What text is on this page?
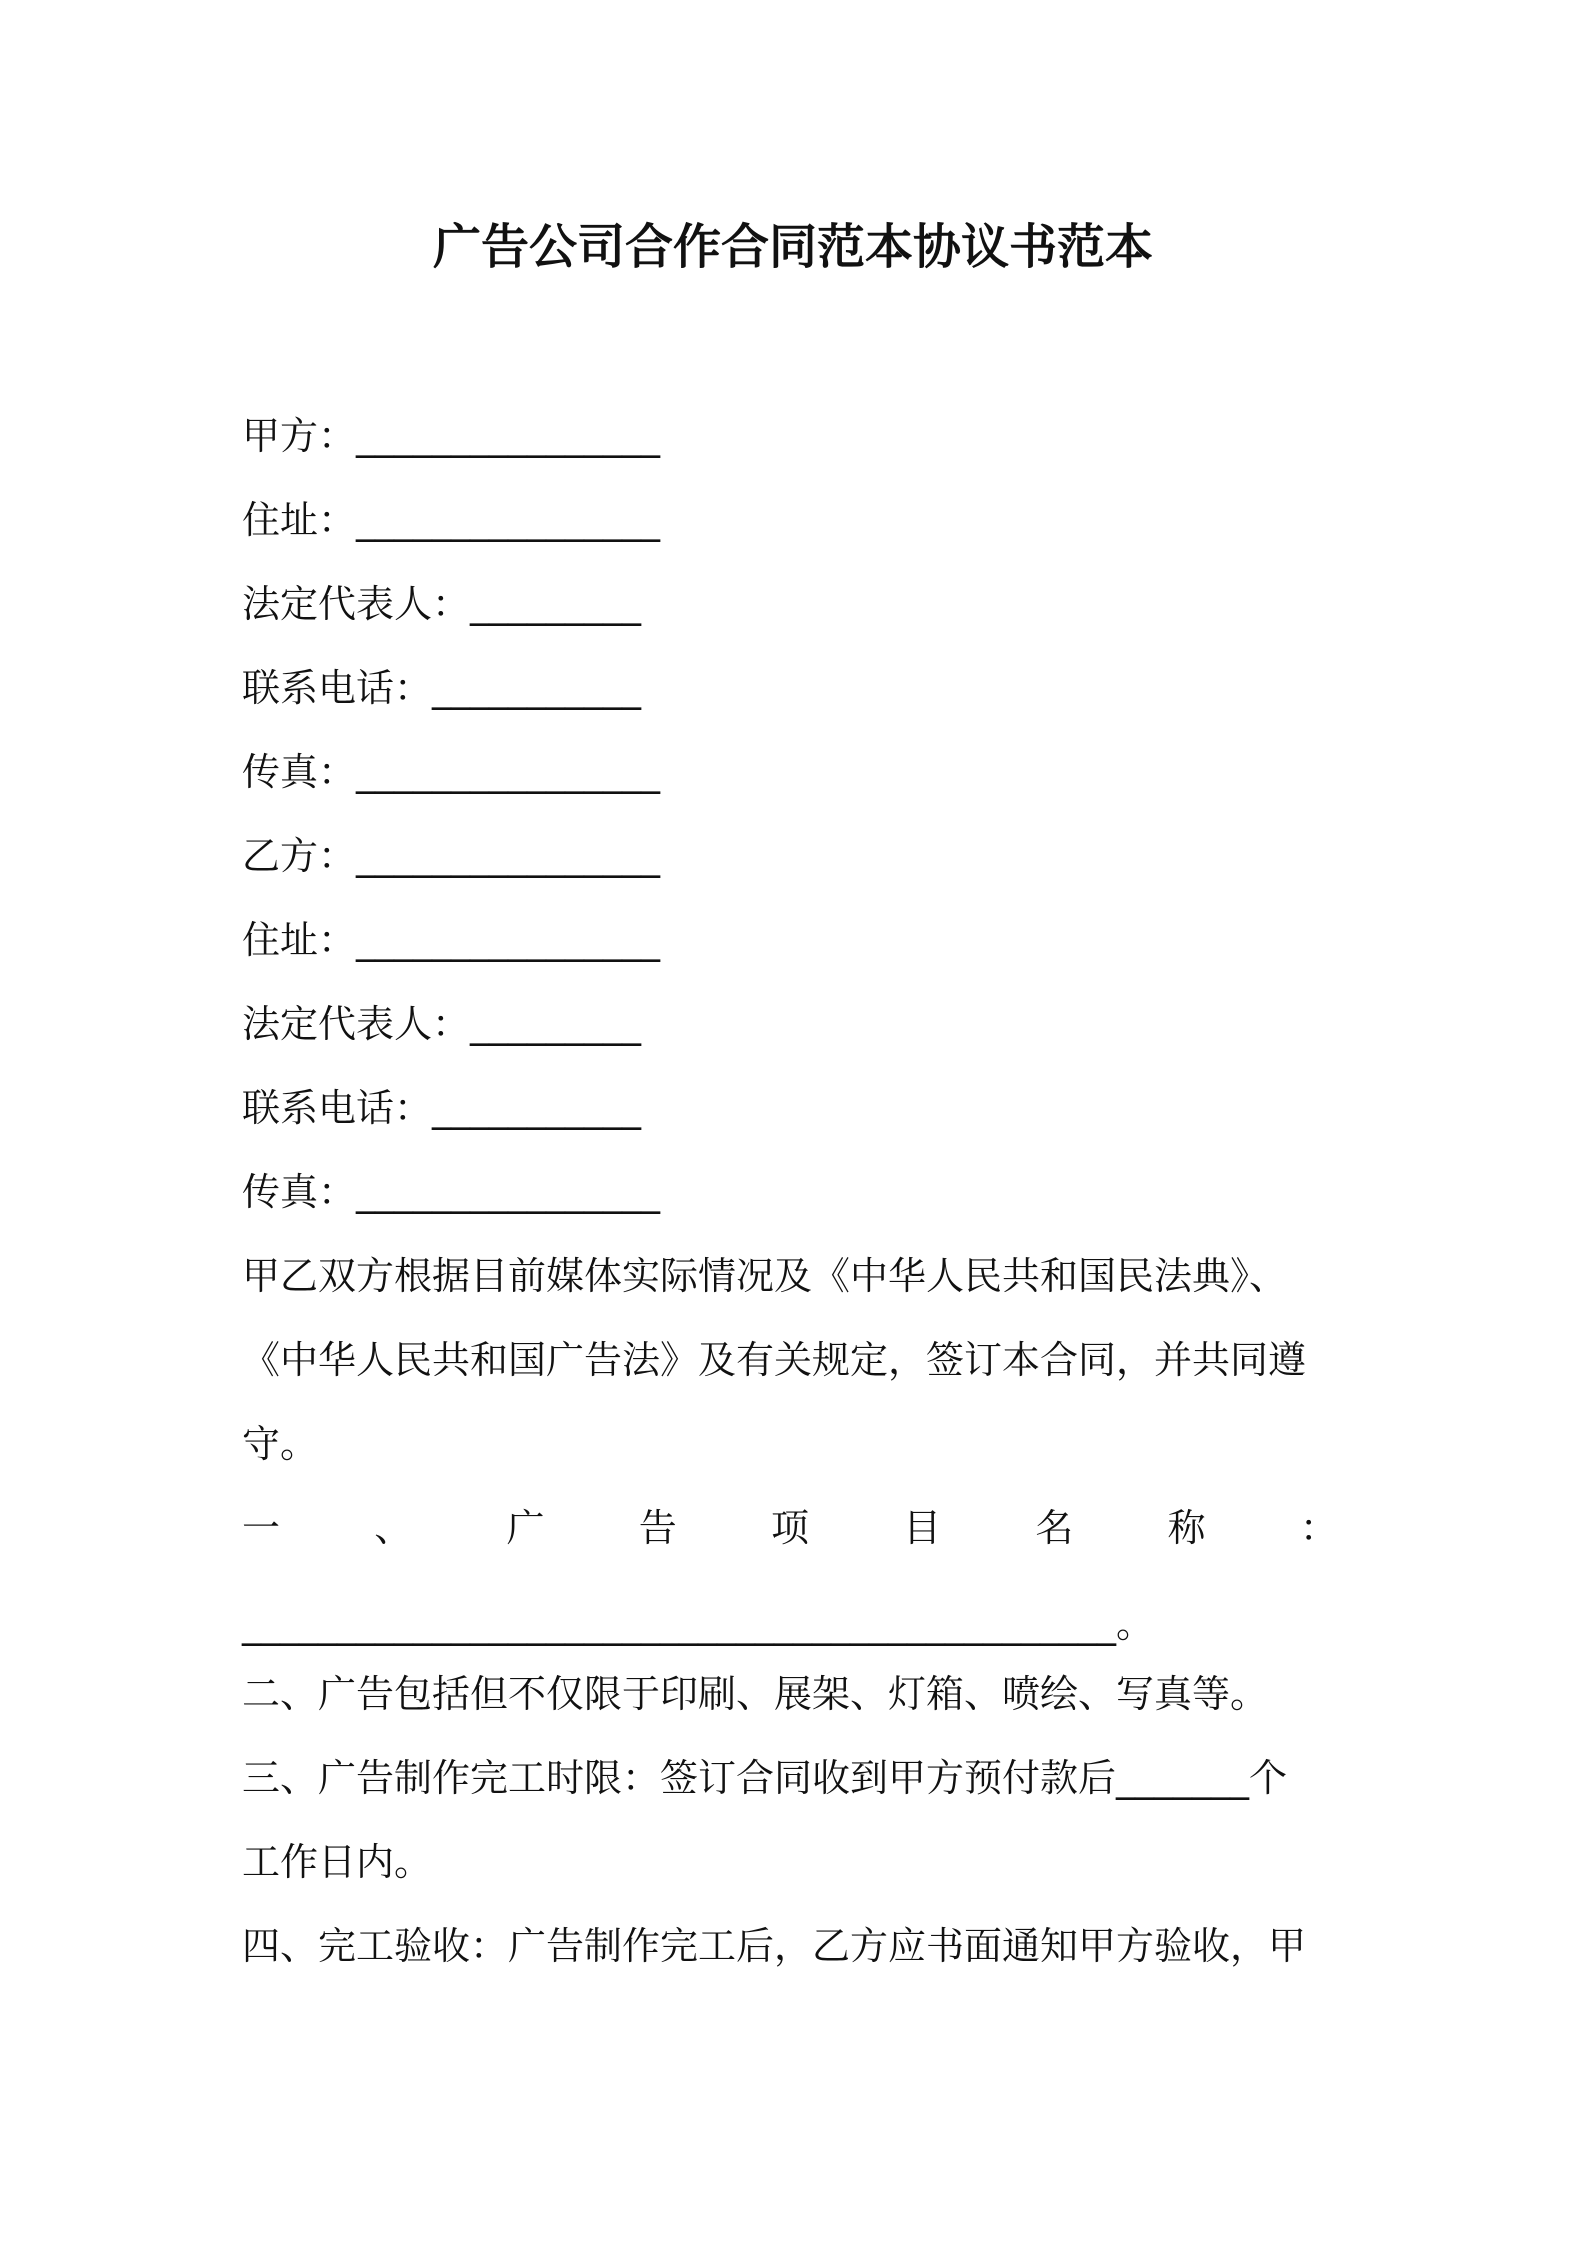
广告公司合作合同范本协议书范本

甲方：________________

住址：________________

法定代表人：_________

联系电话：___________

传真：________________

乙方：________________

住址：________________

法定代表人：_________

联系电话：___________

传真：________________

甲乙双方根据目前媒体实际情况及《中华人民共和国民法典》、

《中华人民共和国广告法》及有关规定，签订本合同，并共同遵

守。

一 、 广 告 项 目 名 称 ：

______________________________________________。

二、广告包括但不仅限于印刷、展架、灯箱、喷绘、写真等。

三、广告制作完工时限：签订合同收到甲方预付款后_______个

工作日内。

四、完工验收：广告制作完工后，乙方应书面通知甲方验收，甲
